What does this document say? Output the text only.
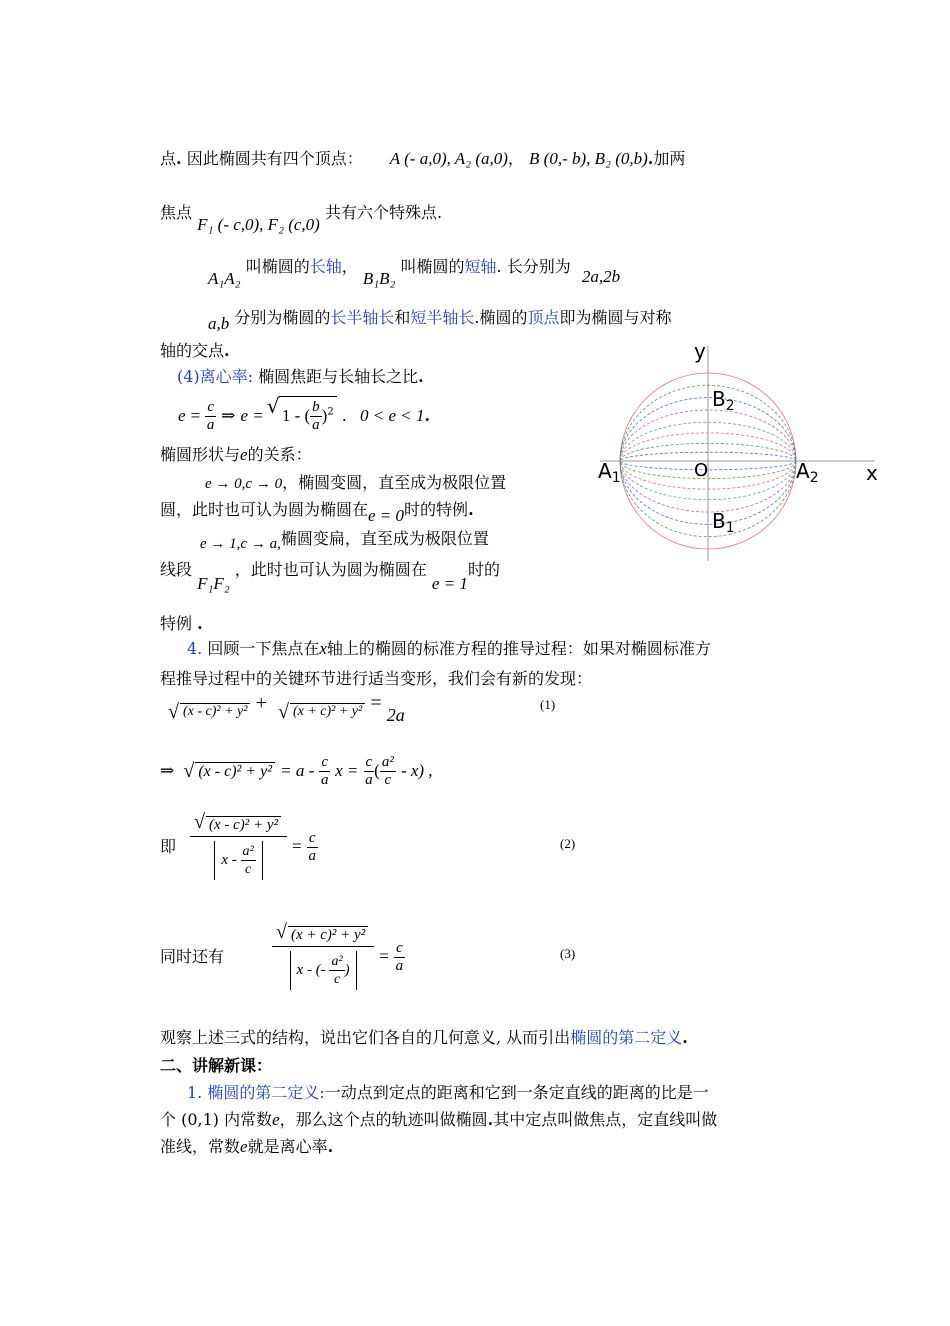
点. 因此椭圆共有四个顶点： A (- a,0), A₂ (a,0)， B (0,- b), B₂ (0,b).加两
焦点 F₁ (- c,0), F₂ (c,0) 共有六个特殊点.
A₁A₂ 叫椭圆的长轴， B₁B₂ 叫椭圆的短轴. 长分别为 2a,2b
a,b 分别为椭圆的长半轴长和短半轴长.椭圆的顶点即为椭圆与对称
轴的交点.
(4)离心率: 椭圆焦距与长轴长之比.
$e = \frac{c}{a}$ ⇒ e = √ 1 - ( $\frac{b}{a} )^2$ . 0 < e < 1.
椭圆形状与e的关系：
e → 0,c → 0，椭圆变圆，直至成为极限位置
圆，此时也可认为圆为椭圆在e = 0时的特例.
e → 1,c → a,椭圆变扁，直至成为极限位置
线段 F₁F₂ ，此时也可认为圆为椭圆在 e = 1时的
特例 .
4. 回顾一下焦点在x轴上的椭圆的标准方程的推导过程：如果对椭圆标准方
程推导过程中的关键环节进行适当变形，我们会有新的发现：
√ (x - c)² + y² + √ (x + c)² + y² = 2a
(1)
⇒ √ $(x - c)^2 + y^2 = a - \frac{c}{a}$ $x = \frac{c}{a}$ ( $\frac{\text{a²}}{c} - x$) ,
即 √ $\frac{\text{(x - c)² + y²}}{x - \frac{\text{a²}}{c}} = \frac{c}{a}$	(2)
同时还有	√ $\frac{\text{(x + c)² + y²}}{x - (- \frac{\text{a²}}{c} )} = \frac{c}{a}$	(3)
观察上述三式的结构，说出它们各自的几何意义, 从而引出椭圆的第二定义.
二、讲解新课：
1. 椭圆的第二定义:一动点到定点的距离和它到一条定直线的距离的比是一
个 (0,1) 内常数e，那么这个点的轨迹叫做椭圆.其中定点叫做焦点，定直线叫做
准线，常数e就是离心率.
y
x
O
$A_1$	$A_2$
$B_2$
$B_1$
